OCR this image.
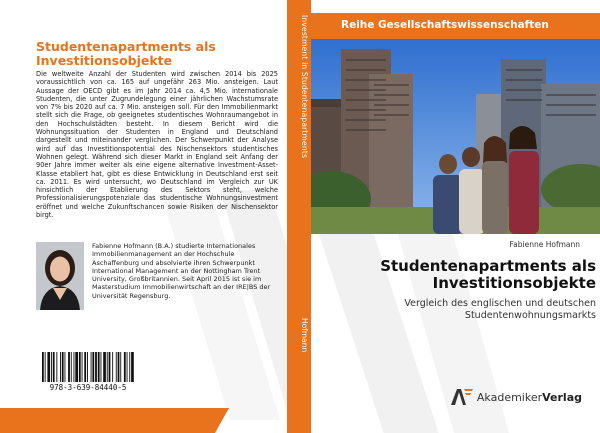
Studentenapartments als
Investitionsobjekte
Die weltweite Anzahl der Studenten wird zwischen 2014 bis 2025 voraussichtlich von ca. 165 auf ungefähr 263 Mio. ansteigen. Laut Aussage der OECD gibt es im Jahr 2014 ca. 4,5 Mio. internationale Studenten, die unter Zugrundelegung einer jährlichen Wachstumsrate von 7% bis 2020 auf ca. 7 Mio. ansteigen soll. Für den Immobilienmarkt stellt sich die Frage, ob geeignetes studentisches Wohnraumangebot in den Hochschulstädten besteht. In diesem Bericht wird die Wohnungssituation der Studenten in England und Deutschland dargestellt und miteinander verglichen. Der Schwerpunkt der Analyse wird auf das Investitionspotential des Nischensektors studentisches Wohnen gelegt. Während sich dieser Markt in England seit Anfang der 90er Jahre immer weiter als eine eigene alternative Investment-Asset-Klasse etabliert hat, gibt es diese Entwicklung in Deutschland erst seit ca. 2011. Es wird untersucht, wo Deutschland im Vergleich zur UK hinsichtlich der Etablierung des Sektors steht, welche Professionalisierungspotenziale das studentische Wohnungsinvestment eröffnet und welche Zukunftschancen sowie Risiken der Nischensektor birgt.
Fabienne Hofmann (B.A.) studierte Internationales Immobilienmanagement an der Hochschule Aschaffenburg und absolvierte ihren Schwerpunkt International Management an der Nottingham Trent University, Großbritannien. Seit April 2015 ist sie im Masterstudium Immobilienwirtschaft an der IRE|BS der Universität Regensburg.
978-3-639-84440-5
Investment in Studentenapartments
Hofmann
Reihe Gesellschaftswissenschaften
Fabienne Hofmann
Studentenapartments als
Investitionsobjekte
Vergleich des englischen und deutschen
Studentenwohnungsmarkts
AkademikerVerlag
